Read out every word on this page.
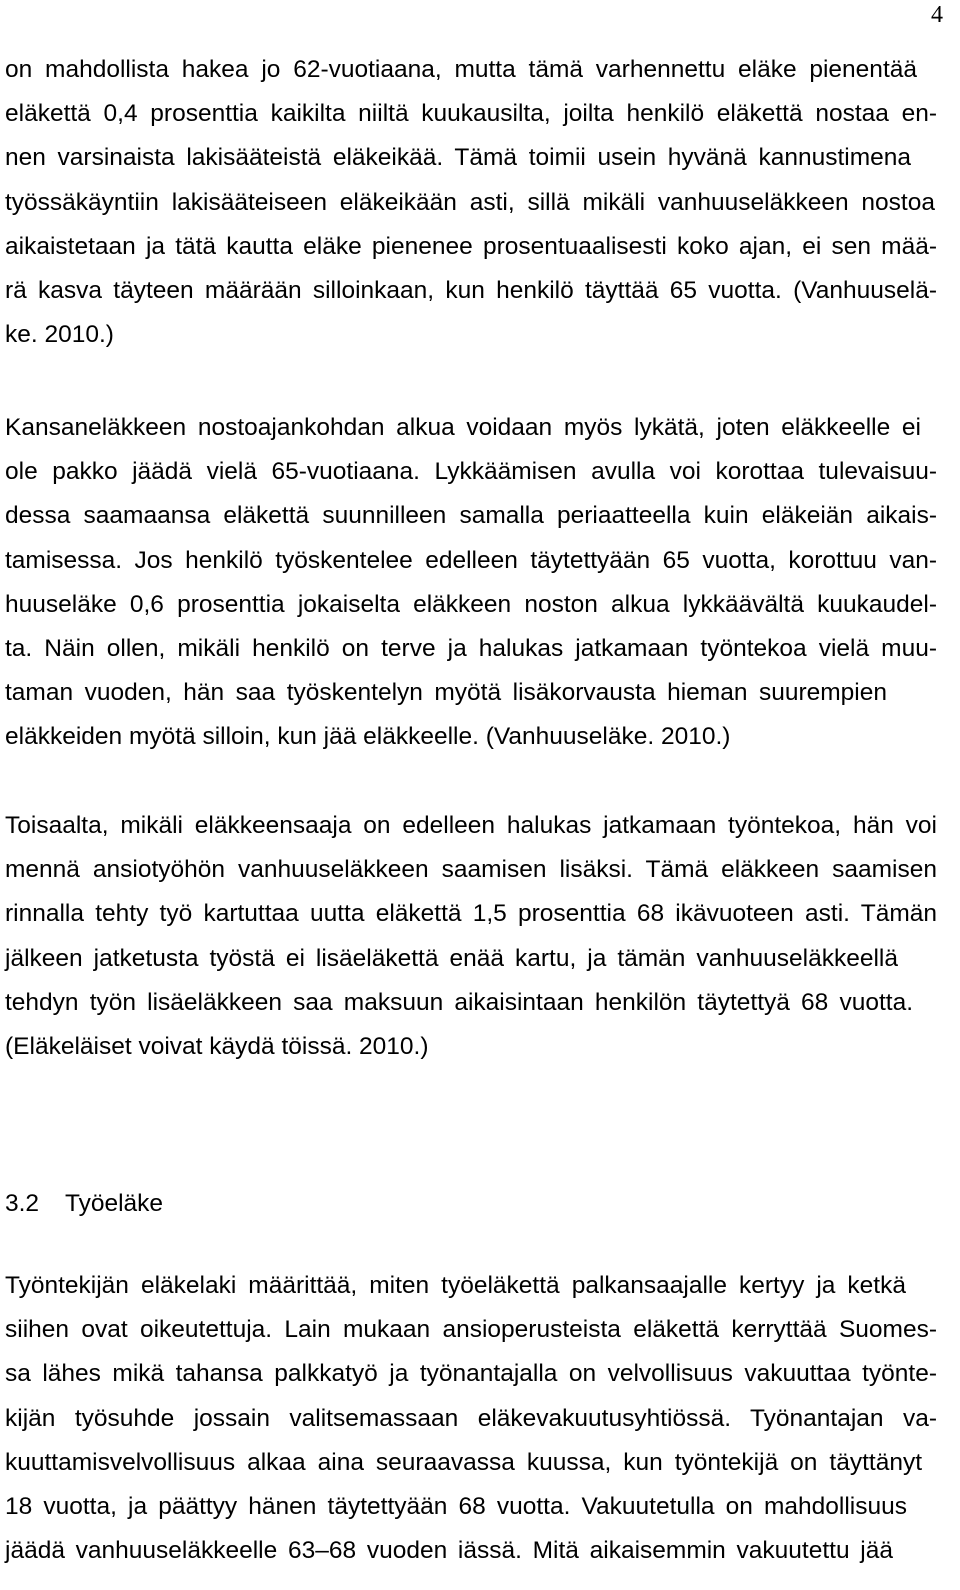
4
on mahdollista hakea jo 62-vuotiaana, mutta tämä varhennettu eläke pienentää
eläkettä 0,4 prosenttia kaikilta niiltä kuukausilta, joilta henkilö eläkettä nostaa en-
nen varsinaista lakisääteistä eläkeikää. Tämä toimii usein hyvänä kannustimena
työssäkäyntiin lakisääteiseen eläkeikään asti, sillä mikäli vanhuuseläkkeen nostoa
aikaistetaan ja tätä kautta eläke pienenee prosentuaalisesti koko ajan, ei sen mää-
rä kasva täyteen määrään silloinkaan, kun henkilö täyttää 65 vuotta. (Vanhuuselä-
ke. 2010.)
Kansaneläkkeen nostoajankohdan alkua voidaan myös lykätä, joten eläkkeelle ei
ole pakko jäädä vielä 65-vuotiaana. Lykkäämisen avulla voi korottaa tulevaisuu-
dessa saamaansa eläkettä suunnilleen samalla periaatteella kuin eläkeiän aikais-
tamisessa. Jos henkilö työskentelee edelleen täytettyään 65 vuotta, korottuu van-
huuseläke 0,6 prosenttia jokaiselta eläkkeen noston alkua lykkäävältä kuukaudel-
ta. Näin ollen, mikäli henkilö on terve ja halukas jatkamaan työntekoa vielä muu-
taman vuoden, hän saa työskentelyn myötä lisäkorvausta hieman suurempien
eläkkeiden myötä silloin, kun jää eläkkeelle. (Vanhuuseläke. 2010.)
Toisaalta, mikäli eläkkeensaaja on edelleen halukas jatkamaan työntekoa, hän voi
mennä ansiotyöhön vanhuuseläkkeen saamisen lisäksi. Tämä eläkkeen saamisen
rinnalla tehty työ kartuttaa uutta eläkettä 1,5 prosenttia 68 ikävuoteen asti. Tämän
jälkeen jatketusta työstä ei lisäeläkettä enää kartu, ja tämän vanhuuseläkkeellä
tehdyn työn lisäeläkkeen saa maksuun aikaisintaan henkilön täytettyä 68 vuotta.
(Eläkeläiset voivat käydä töissä. 2010.)
3.2 Työeläke
Työntekijän eläkelaki määrittää, miten työeläkettä palkansaajalle kertyy ja ketkä
siihen ovat oikeutettuja. Lain mukaan ansioperusteista eläkettä kerryttää Suomes-
sa lähes mikä tahansa palkkatyö ja työnantajalla on velvollisuus vakuuttaa työnte-
kijän työsuhde jossain valitsemassaan eläkevakuutusyhtiössä. Työnantajan va-
kuuttamisvelvollisuus alkaa aina seuraavassa kuussa, kun työntekijä on täyttänyt
18 vuotta, ja päättyy hänen täytettyään 68 vuotta. Vakuutetulla on mahdollisuus
jäädä vanhuuseläkkeelle 63–68 vuoden iässä. Mitä aikaisemmin vakuutettu jää
